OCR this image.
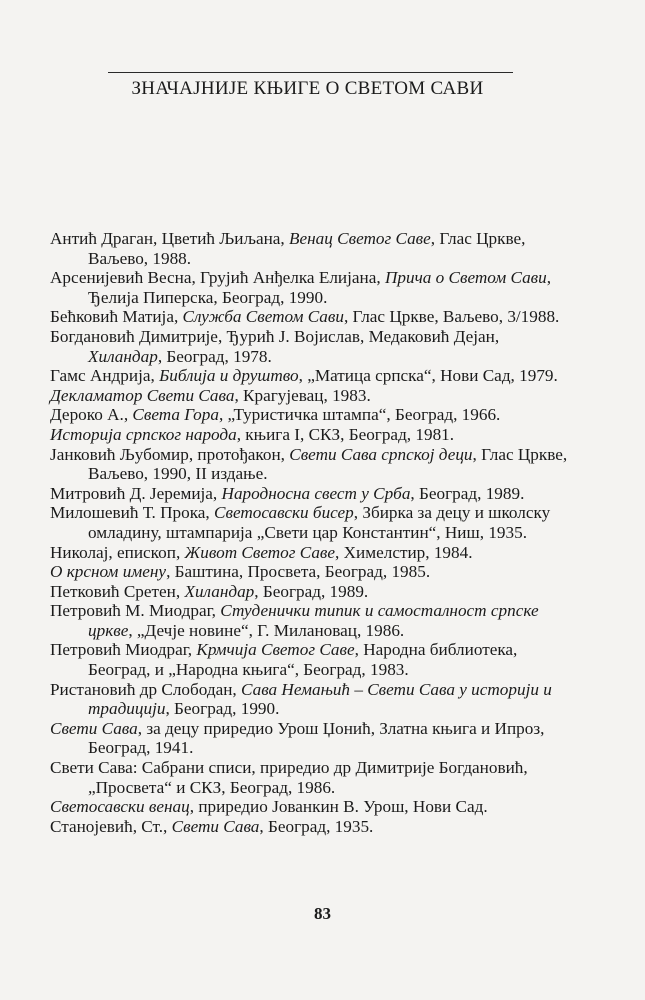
ЗНАЧАЈНИЈЕ КЊИГЕ О СВЕТОМ САВИ

Антић Драган, Цветић Љиљана, Венац Светог Саве, Глас Цркве, Ваљево, 1988.

Арсенијевић Весна, Грујић Анђелка Елијана, Прича о Светом Сави, Ђелија Пиперска, Београд, 1990.

Бећковић Матија, Служба Светом Сави, Глас Цркве, Ваљево, 3/1988.

Богдановић Димитрије, Ђурић Ј. Војислав, Медаковић Дејан, Хиландар, Београд, 1978.

Гамс Андрија, Библија и друштво, „Матица српска“, Нови Сад, 1979.

Декламатор Свети Сава, Крагујевац, 1983.

Дероко А., Света Гора, „Туристичка штампа“, Београд, 1966.

Историја српског народа, књига I, СКЗ, Београд, 1981.

Јанковић Љубомир, протођакон, Свети Сава српској деци, Глас Цркве, Ваљево, 1990, II издање.

Митровић Д. Јеремија, Народносна свест у Срба, Београд, 1989.

Милошевић Т. Прока, Светосавски бисер, Збирка за децу и школску омладину, штампарија „Свети цар Константин“, Ниш, 1935.

Николај, епископ, Живот Светог Саве, Химелстир, 1984.

О крсном имену, Баштина, Просвета, Београд, 1985.

Петковић Сретен, Хиландар, Београд, 1989.

Петровић М. Миодраг, Студенички типик и самосталност српске цркве, „Дечје новине“, Г. Милановац, 1986.

Петровић Миодраг, Крмчија Светог Саве, Народна библиотека, Београд, и „Народна књига“, Београд, 1983.

Ристановић др Слободан, Сава Немањић – Свети Сава у историји и традицији, Београд, 1990.

Свети Сава, за децу приредио Урош Џонић, Златна књига и Ипроз, Београд, 1941.

Свети Сава: Сабрани списи, приредио др Димитрије Богдановић, „Просвета“ и СКЗ, Београд, 1986.

Светосавски венац, приредио Јованкин В. Урош, Нови Сад.

Станојевић, Ст., Свети Сава, Београд, 1935.

83
